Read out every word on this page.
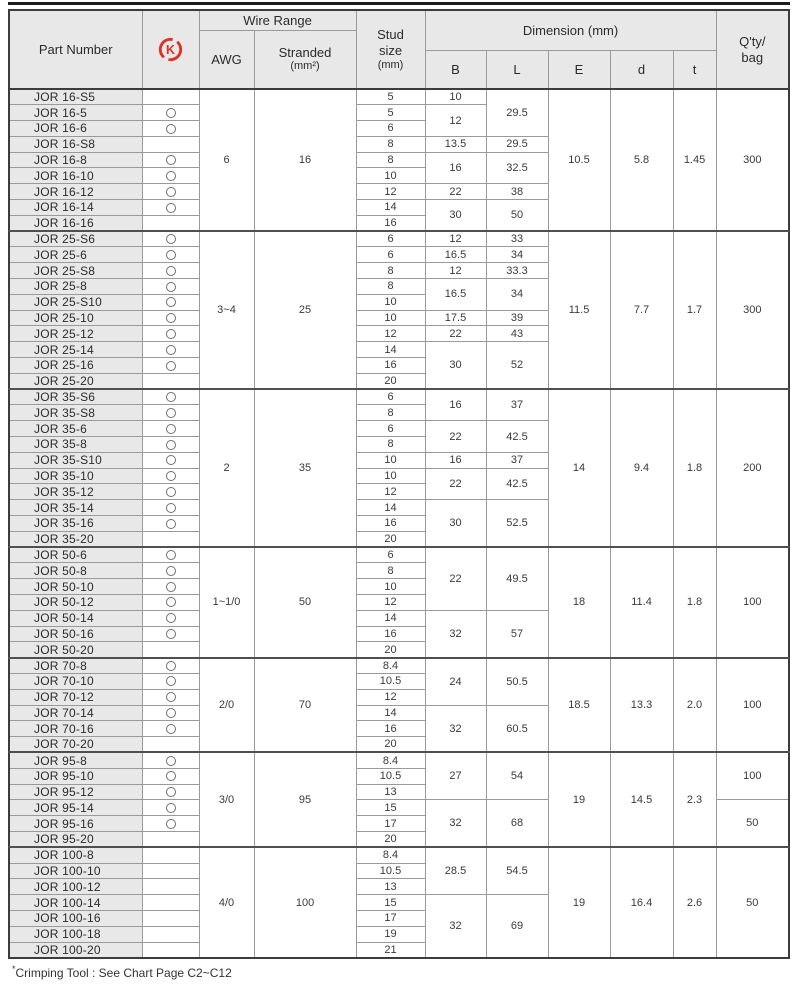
Part Number	K	Wire Range		Stud
size
(mm)	Dimension (mm)					Q'ty/
bag

		AWG	Stranded
(mm²)							

					B	L	E	d	t	
JOR 16-S5		6	16	5	10	29.5	10.5	5.8	1.45	300
JOR 16-5				5	12					
JOR 16-6				6						
JOR 16-S8				8	13.5	29.5				
JOR 16-8				8	16	32.5				
JOR 16-10				10						
JOR 16-12				12	22	38				
JOR 16-14				14	30	50				
JOR 16-16				16						
JOR 25-S6		3~4	25	6	12	33	11.5	7.7	1.7	300
JOR 25-6				6	16.5	34				
JOR 25-S8				8	12	33.3				
JOR 25-8				8	16.5	34				
JOR 25-S10				10						
JOR 25-10				10	17.5	39				
JOR 25-12				12	22	43				
JOR 25-14				14	30	52				
JOR 25-16				16						
JOR 25-20				20						
JOR 35-S6		2	35	6	16	37	14	9.4	1.8	200
JOR 35-S8				8						
JOR 35-6				6	22	42.5				
JOR 35-8				8						
JOR 35-S10				10	16	37				
JOR 35-10				10	22	42.5				
JOR 35-12				12						
JOR 35-14				14	30	52.5				
JOR 35-16				16						
JOR 35-20				20						
JOR 50-6		1~1/0	50	6	22	49.5	18	11.4	1.8	100
JOR 50-8				8						
JOR 50-10				10						
JOR 50-12				12						
JOR 50-14				14	32	57				
JOR 50-16				16						
JOR 50-20				20						
JOR 70-8		2/0	70	8.4	24	50.5	18.5	13.3	2.0	100
JOR 70-10				10.5						
JOR 70-12				12						
JOR 70-14				14	32	60.5				
JOR 70-16				16						
JOR 70-20				20						
JOR 95-8		3/0	95	8.4	27	54	19	14.5	2.3	100
JOR 95-10				10.5						
JOR 95-12				13						
JOR 95-14				15	32	68				50
JOR 95-16				17						
JOR 95-20				20						
JOR 100-8		4/0	100	8.4	28.5	54.5	19	16.4	2.6	50
JOR 100-10				10.5						
JOR 100-12				13						
JOR 100-14				15	32	69				
JOR 100-16				17						
JOR 100-18				19						
JOR 100-20				21						
*Crimping Tool : See Chart Page C2~C12
